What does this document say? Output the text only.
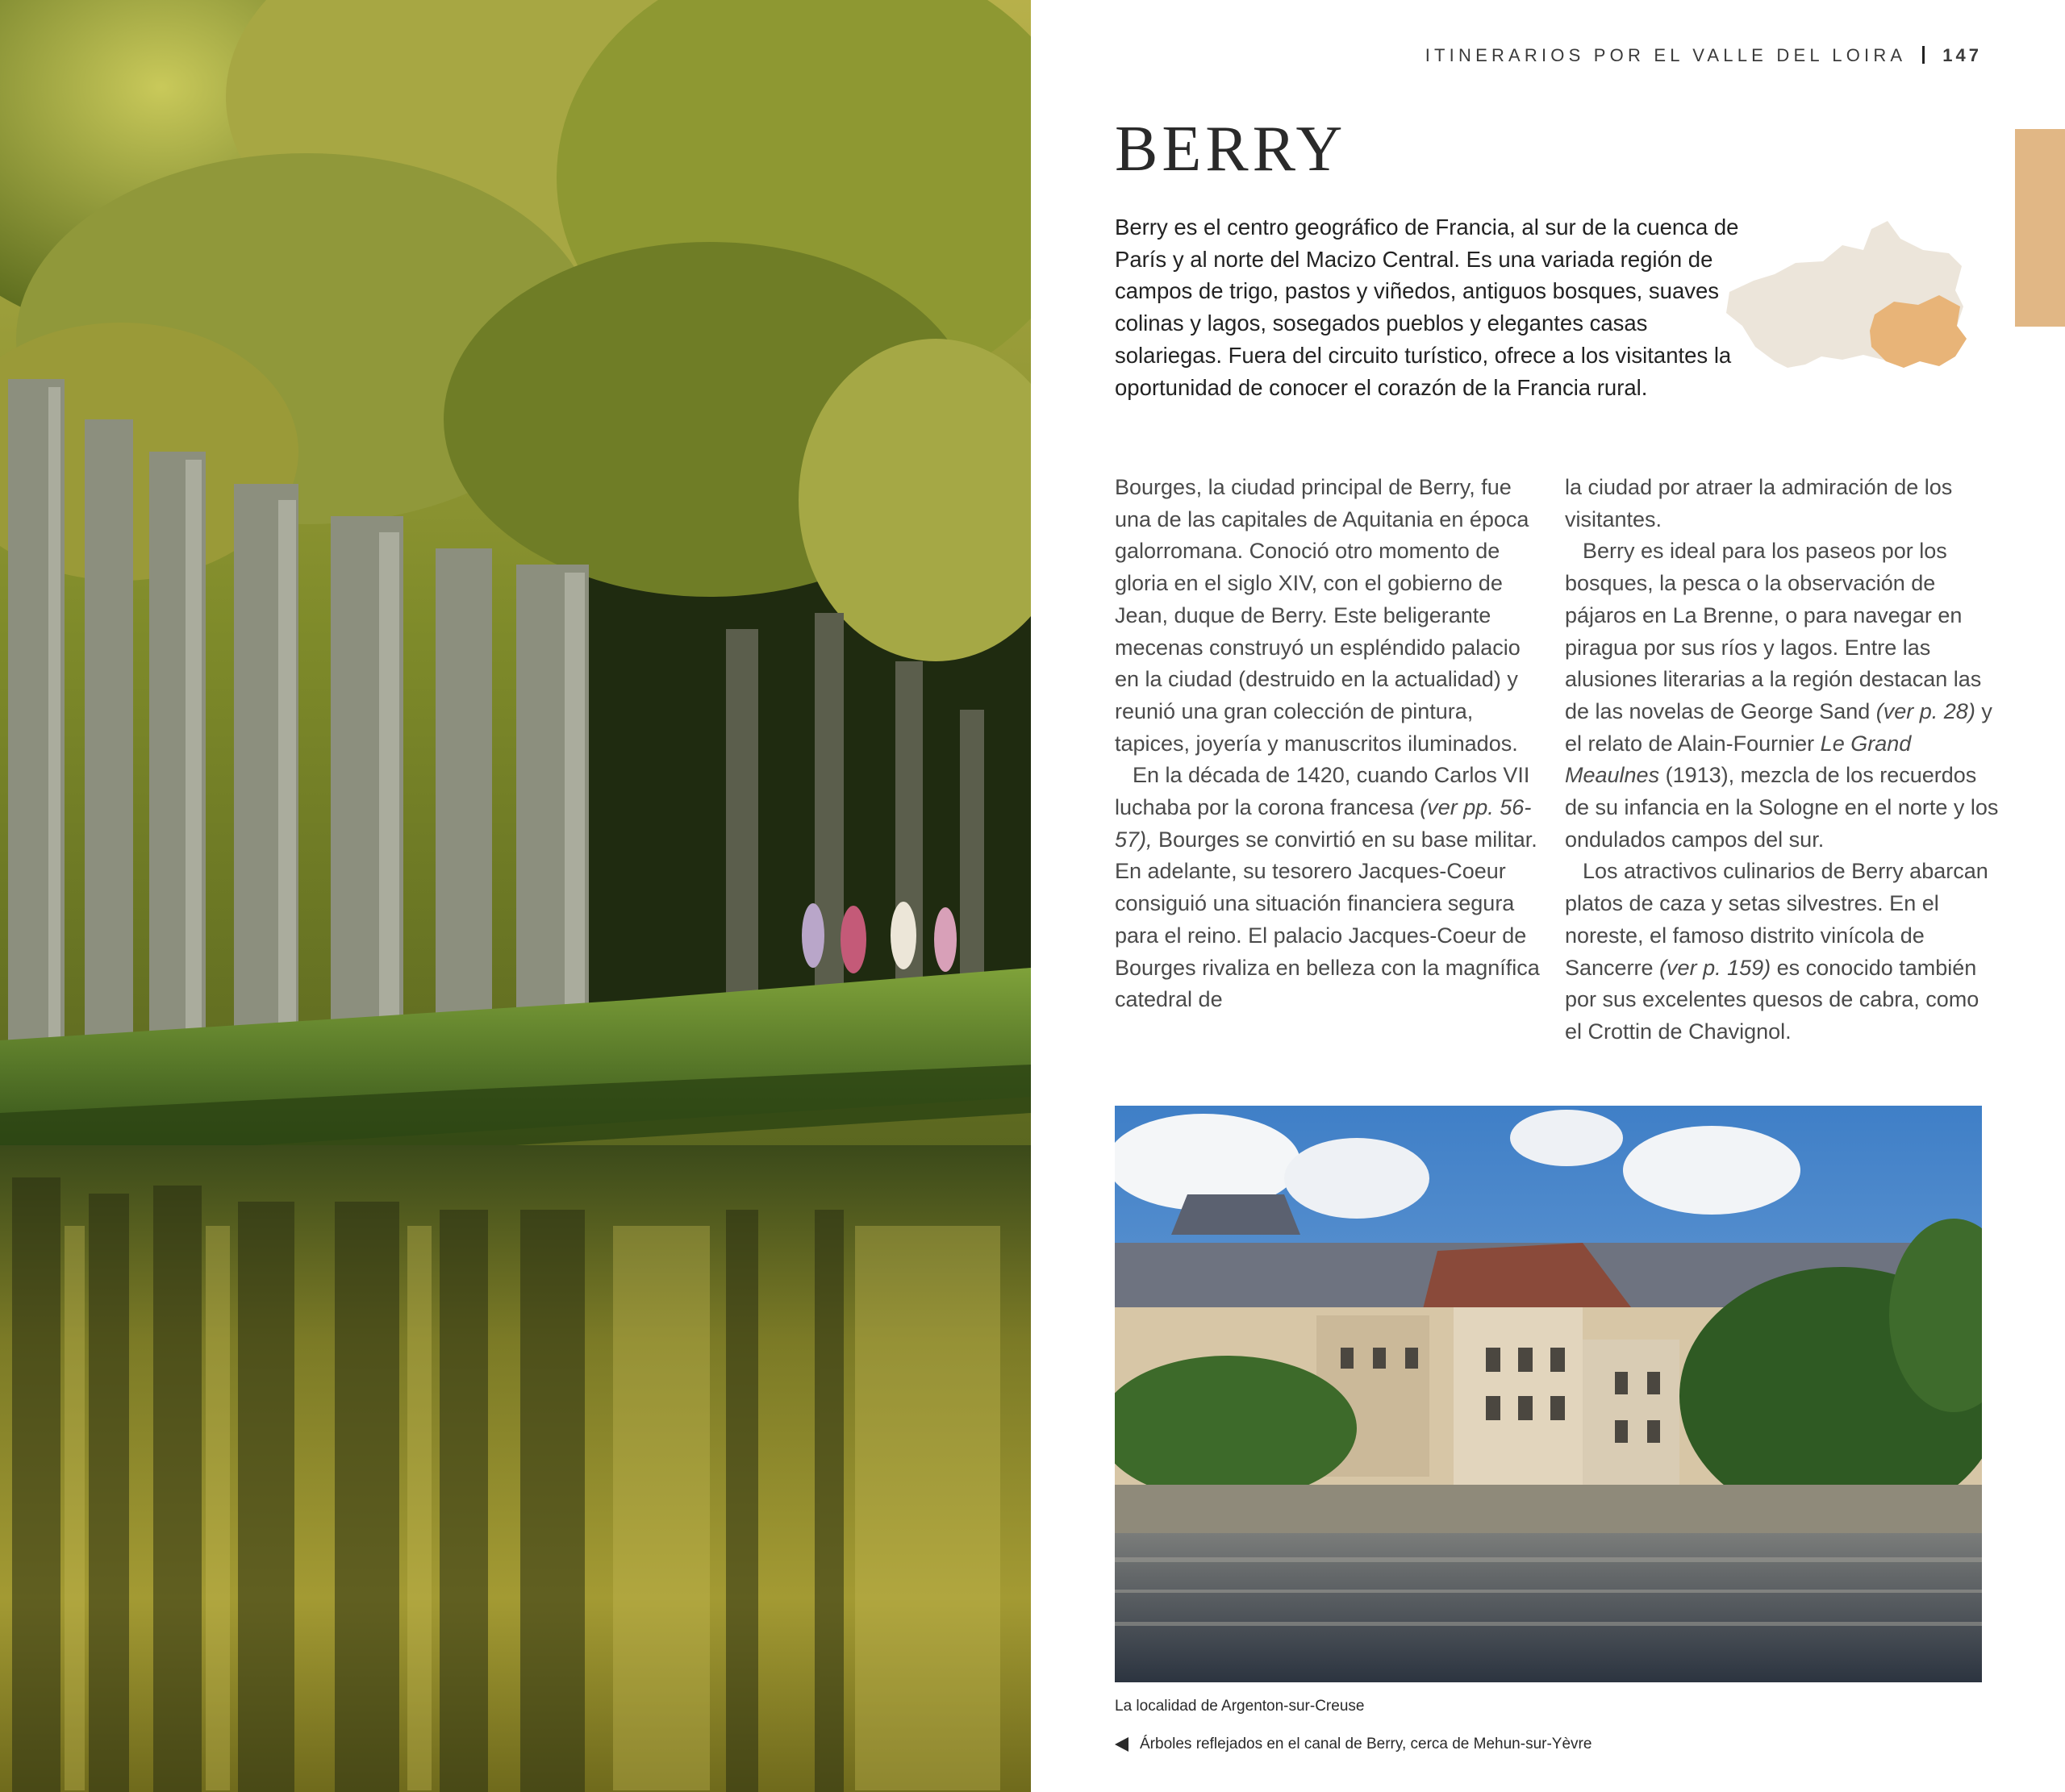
ITINERARIOS POR EL VALLE DEL LOIRA 147
BERRY
Berry es el centro geográfico de Francia, al sur de la cuenca de París y al norte del Macizo Central. Es una variada región de campos de trigo, pastos y viñedos, antiguos bosques, suaves colinas y lagos, sosegados pueblos y elegantes casas solariegas. Fuera del circuito turístico, ofrece a los visitantes la oportunidad de conocer el corazón de la Francia rural.

Bourges, la ciudad principal de Berry, fue una de las capitales de Aquitania en época galorromana. Conoció otro momento de gloria en el siglo XIV, con el gobierno de Jean, duque de Berry. Este beligerante mecenas construyó un espléndido palacio en la ciudad (destruido en la actualidad) y reunió una gran colección de pintura, tapices, joyería y manuscritos iluminados.

En la década de 1420, cuando Carlos VII luchaba por la corona francesa (ver pp. 56-57), Bourges se convirtió en su base militar. En adelante, su tesorero Jacques-Coeur consiguió una situación financiera segura para el reino. El palacio Jacques-Coeur de Bourges rivaliza en belleza con la magnífica catedral de

la ciudad por atraer la admiración de los visitantes.

Berry es ideal para los paseos por los bosques, la pesca o la observación de pájaros en La Brenne, o para navegar en piragua por sus ríos y lagos. Entre las alusiones literarias a la región destacan las de las novelas de George Sand (ver p. 28) y el relato de Alain-Fournier Le Grand Meaulnes (1913), mezcla de los recuerdos de su infancia en la Sologne en el norte y los ondulados campos del sur.

Los atractivos culinarios de Berry abarcan platos de caza y setas silvestres. En el noreste, el famoso distrito vinícola de Sancerre (ver p. 159) es conocido también por sus excelentes quesos de cabra, como el Crottin de Chavignol.

La localidad de Argenton-sur-Creuse
Árboles reflejados en el canal de Berry, cerca de Mehun-sur-Yèvre
